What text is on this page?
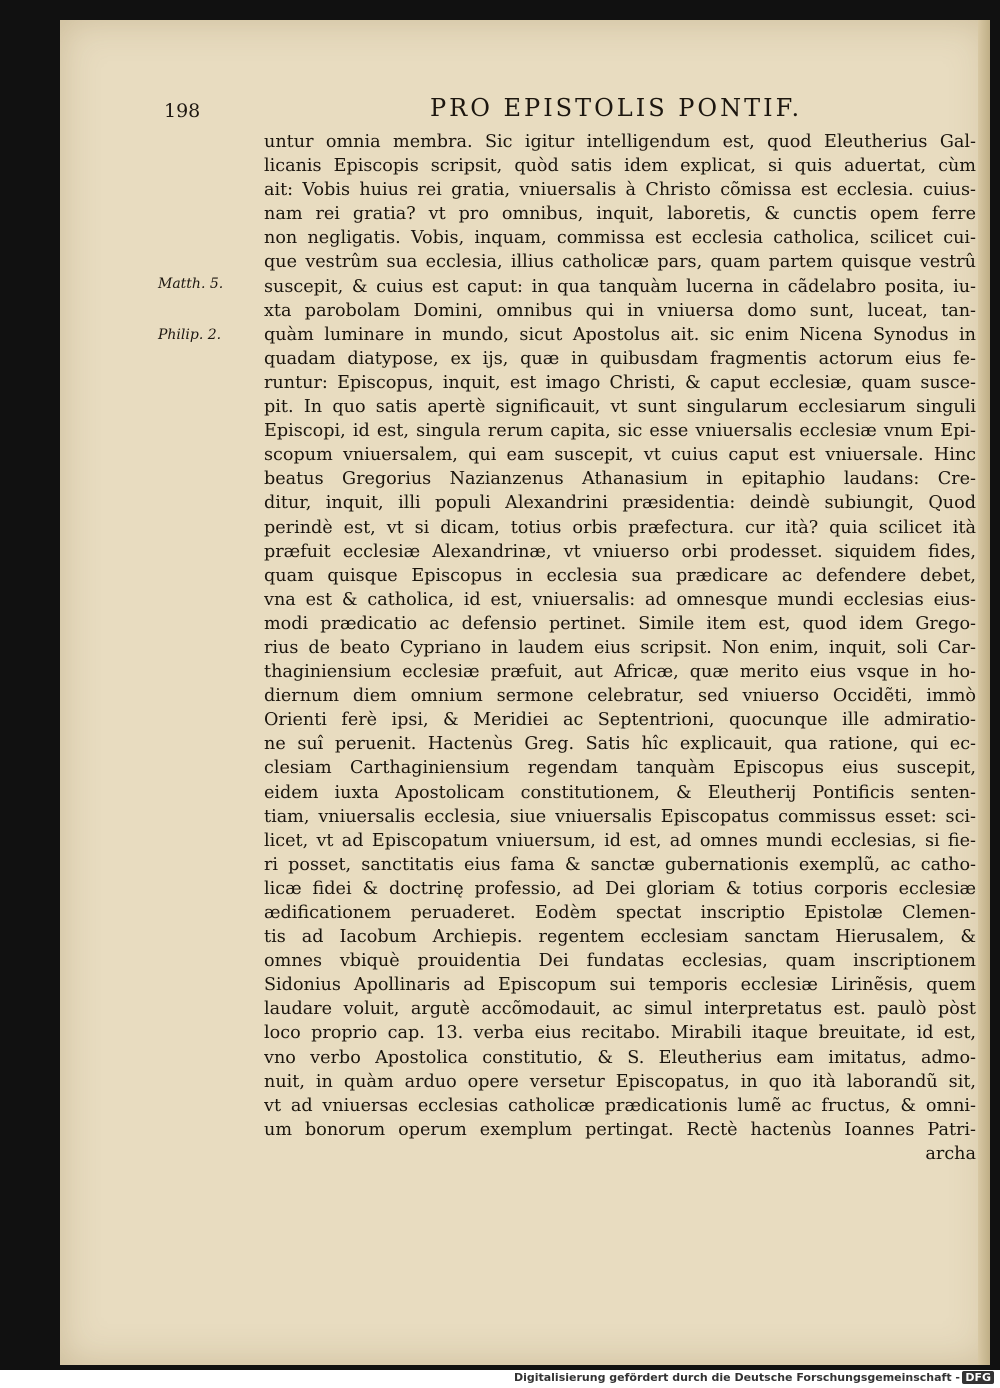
198	PRO EPISTOLIS PONTIF.
Matth. 5.
Philip. 2.
untur omnia membra. Sic igitur intelligendum est, quod Eleutherius Gal-
licanis Episcopis scripsit, quòd satis idem explicat, si quis aduertat, cùm
ait: Vobis huius rei gratia, vniuersalis à Christo cõmissa est ecclesia. cuius-
nam rei gratia? vt pro omnibus, inquit, laboretis, & cunctis opem ferre
non negligatis. Vobis, inquam, commissa est ecclesia catholica, scilicet cui-
que vestrûm sua ecclesia, illius catholicæ pars, quam partem quisque vestrû
suscepit, & cuius est caput: in qua tanquàm lucerna in cãdelabro posita, iu-
xta parobolam Domini, omnibus qui in vniuersa domo sunt, luceat, tan-
quàm luminare in mundo, sicut Apostolus ait. sic enim Nicena Synodus in
quadam diatypose, ex ijs, quæ in quibusdam fragmentis actorum eius fe-
runtur: Episcopus, inquit, est imago Christi, & caput ecclesiæ, quam susce-
pit. In quo satis apertè significauit, vt sunt singularum ecclesiarum singuli
Episcopi, id est, singula rerum capita, sic esse vniuersalis ecclesiæ vnum Epi-
scopum vniuersalem, qui eam suscepit, vt cuius caput est vniuersale. Hinc
beatus Gregorius Nazianzenus Athanasium in epitaphio laudans: Cre-
ditur, inquit, illi populi Alexandrini præsidentia: deindè subiungit, Quod
perindè est, vt si dicam, totius orbis præfectura. cur ità? quia scilicet ità
præfuit ecclesiæ Alexandrinæ, vt vniuerso orbi prodesset. siquidem fides,
quam quisque Episcopus in ecclesia sua prædicare ac defendere debet,
vna est & catholica, id est, vniuersalis: ad omnesque mundi ecclesias eius-
modi prædicatio ac defensio pertinet. Simile item est, quod idem Grego-
rius de beato Cypriano in laudem eius scripsit. Non enim, inquit, soli Car-
thaginiensium ecclesiæ præfuit, aut Africæ, quæ merito eius vsque in ho-
diernum diem omnium sermone celebratur, sed vniuerso Occidẽti, immò
Orienti ferè ipsi, & Meridiei ac Septentrioni, quocunque ille admiratio-
ne suî peruenit. Hactenùs Greg. Satis hîc explicauit, qua ratione, qui ec-
clesiam Carthaginiensium regendam tanquàm Episcopus eius suscepit,
eidem iuxta Apostolicam constitutionem, & Eleutherij Pontificis senten-
tiam, vniuersalis ecclesia, siue vniuersalis Episcopatus commissus esset: sci-
licet, vt ad Episcopatum vniuersum, id est, ad omnes mundi ecclesias, si fie-
ri posset, sanctitatis eius fama & sanctæ gubernationis exemplũ, ac catho-
licæ fidei & doctrinę professio, ad Dei gloriam & totius corporis ecclesiæ
ædificationem peruaderet. Eodèm spectat inscriptio Epistolæ Clemen-
tis ad Iacobum Archiepis. regentem ecclesiam sanctam Hierusalem, &
omnes vbiquè prouidentia Dei fundatas ecclesias, quam inscriptionem
Sidonius Apollinaris ad Episcopum sui temporis ecclesiæ Lirinẽsis, quem
laudare voluit, argutè accõmodauit, ac simul interpretatus est. paulò pòst
loco proprio cap. 13. verba eius recitabo. Mirabili itaque breuitate, id est,
vno verbo Apostolica constitutio, & S. Eleutherius eam imitatus, admo-
nuit, in quàm arduo opere versetur Episcopatus, in quo ità laborandũ sit,
vt ad vniuersas ecclesias catholicæ prædicationis lumẽ ac fructus, & omni-
um bonorum operum exemplum pertingat. Rectè hactenùs Ioannes Patri-
archa
Digitalisierung gefördert durch die Deutsche Forschungsgemeinschaft - DFG
